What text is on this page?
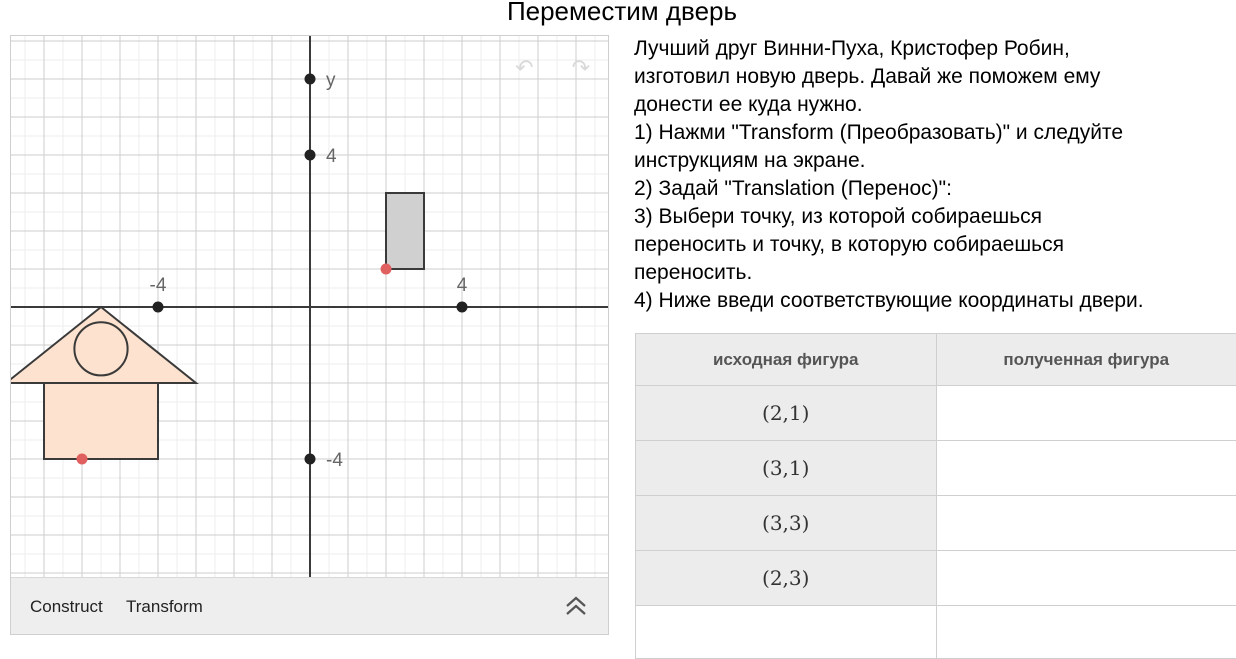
Переместим дверь
-4	4
4
-4
y	↶ ↷
Construct Transform
Лучший друг Винни-Пуха, Кристофер Робин,
изготовил новую дверь. Давай же поможем ему
донести ее куда нужно.
1) Нажми "Transform (Преобразовать)" и следуйте
инструкциям на экране.
2) Задай "Translation (Перенос)":
3) Выбери точку, из которой собираешься
переносить и точку, в которую собираешься
переносить.
4) Ниже введи соответствующие координаты двери.
исходная фигура	полученная фигура
(2,1)	
(3,1)	
(3,3)	
(2,3)	
